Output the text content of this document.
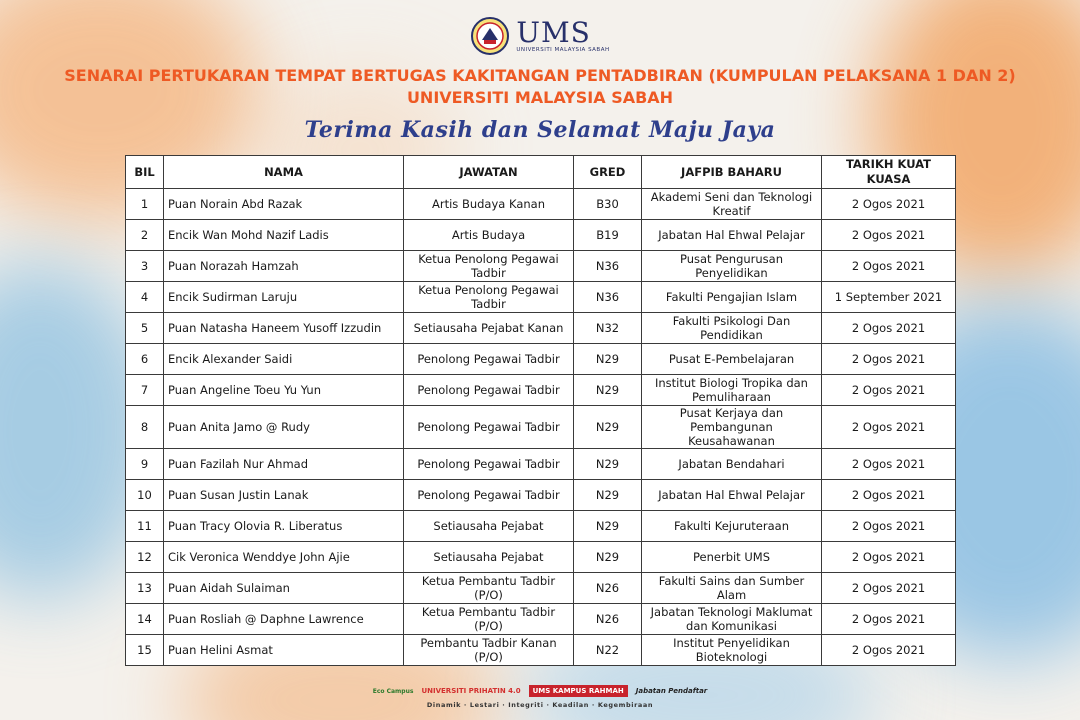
UMS
UNIVERSITI MALAYSIA SABAH
SENARAI PERTUKARAN TEMPAT BERTUGAS KAKITANGAN PENTADBIRAN (KUMPULAN PELAKSANA 1 DAN 2)
UNIVERSITI MALAYSIA SABAH
Terima Kasih dan Selamat Maju Jaya
BIL	NAMA	JAWATAN	GRED	JAFPIB BAHARU	TARIKH KUAT KUASA
1	Puan Norain Abd Razak	Artis Budaya Kanan	B30	Akademi Seni dan Teknologi Kreatif	2 Ogos 2021
2	Encik Wan Mohd Nazif Ladis	Artis Budaya	B19	Jabatan Hal Ehwal Pelajar	2 Ogos 2021
3	Puan Norazah Hamzah	Ketua Penolong Pegawai Tadbir	N36	Pusat Pengurusan Penyelidikan	2 Ogos 2021
4	Encik Sudirman Laruju	Ketua Penolong Pegawai Tadbir	N36	Fakulti Pengajian Islam	1 September 2021
5	Puan Natasha Haneem Yusoff Izzudin	Setiausaha Pejabat Kanan	N32	Fakulti Psikologi Dan Pendidikan	2 Ogos 2021
6	Encik Alexander Saidi	Penolong Pegawai Tadbir	N29	Pusat E-Pembelajaran	2 Ogos 2021
7	Puan Angeline Toeu Yu Yun	Penolong Pegawai Tadbir	N29	Institut Biologi Tropika dan Pemuliharaan	2 Ogos 2021
8	Puan Anita Jamo @ Rudy	Penolong Pegawai Tadbir	N29	Pusat Kerjaya dan Pembangunan Keusahawanan	2 Ogos 2021
9	Puan Fazilah Nur Ahmad	Penolong Pegawai Tadbir	N29	Jabatan Bendahari	2 Ogos 2021
10	Puan Susan Justin Lanak	Penolong Pegawai Tadbir	N29	Jabatan Hal Ehwal Pelajar	2 Ogos 2021
11	Puan Tracy Olovia R. Liberatus	Setiausaha Pejabat	N29	Fakulti Kejuruteraan	2 Ogos 2021
12	Cik Veronica Wenddye John Ajie	Setiausaha Pejabat	N29	Penerbit UMS	2 Ogos 2021
13	Puan Aidah Sulaiman	Ketua Pembantu Tadbir (P/O)	N26	Fakulti Sains dan Sumber Alam	2 Ogos 2021
14	Puan Rosliah @ Daphne Lawrence	Ketua Pembantu Tadbir (P/O)	N26	Jabatan Teknologi Maklumat dan Komunikasi	2 Ogos 2021
15	Puan Helini Asmat	Pembantu Tadbir Kanan (P/O)	N22	Institut Penyelidikan Bioteknologi	2 Ogos 2021
Eco Campus UNIVERSITI PRIHATIN 4.0	UMS KAMPUS RAHMAH	Jabatan Pendaftar
Dinamik · Lestari · Integriti · Keadilan · Kegembiraan
